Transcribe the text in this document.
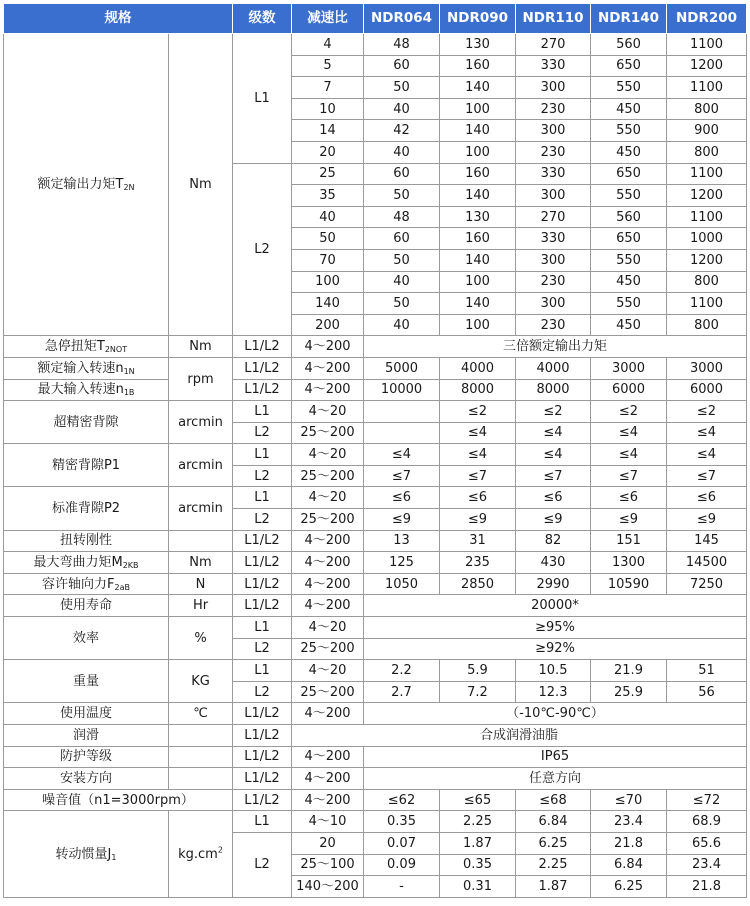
规格		级数	减速比	NDR064	NDR090	NDR110	NDR140	NDR200
额定输出力矩$T_{2N}$	Nm	L1	4	48	130	270	560	1100
			5	60	160	330	650	1200
			7	50	140	300	550	1100
			10	40	100	230	450	800
			14	42	140	300	550	900
			20	40	100	230	450	800
		L2	25	60	160	330	650	1100
			35	50	140	300	550	1200
			40	48	130	270	560	1100
			50	60	160	330	650	1000
			70	50	140	300	550	1200
			100	40	100	230	450	800
			140	50	140	300	550	1100
			200	40	100	230	450	800
急停扭矩$T_{2NOT}$	Nm	L1/L2	4～200	三倍额定输出力矩				
额定输入转速$n_{1N}$	rpm	L1/L2	4～200	5000	4000	4000	3000	3000
最大输入转速$n_{1B}$		L1/L2	4～200	10000	8000	8000	6000	6000
超精密背隙	arcmin	L1	4～20		≤2	≤2	≤2	≤2
		L2	25～200		≤4	≤4	≤4	≤4
精密背隙P1	arcmin	L1	4～20	≤4	≤4	≤4	≤4	≤4
		L2	25～200	≤7	≤7	≤7	≤7	≤7
标准背隙P2	arcmin	L1	4～20	≤6	≤6	≤6	≤6	≤6
		L2	25～200	≤9	≤9	≤9	≤9	≤9
扭转刚性		L1/L2	4～200	13	31	82	151	145
最大弯曲力矩$M_{2KB}$	Nm	L1/L2	4～200	125	235	430	1300	14500
容许轴向力$F_{2aB}$	N	L1/L2	4～200	1050	2850	2990	10590	7250
使用寿命	Hr	L1/L2	4～200	20000*				
效率	%	L1	4～20	≥95%				
		L2	25～200	≥92%				
重量	KG	L1	4～20	2.2	5.9	10.5	21.9	51
		L2	25～200	2.7	7.2	12.3	25.9	56
使用温度	℃	L1/L2	4～200	（-10℃-90℃）				
润滑		L1/L2	合成润滑油脂					
防护等级		L1/L2	4～200	IP65				
安装方向		L1/L2	4～200	任意方向				
噪音值（n1=3000rpm）		L1/L2	4～200	≤62	≤65	≤68	≤70	≤72
转动惯量$J_1$	$kg.cm^2$	L1	4～10	0.35	2.25	6.84	23.4	68.9
		L2	20	0.07	1.87	6.25	21.8	65.6
			25～100	0.09	0.35	2.25	6.84	23.4
			140～200	-	0.31	1.87	6.25	21.8
